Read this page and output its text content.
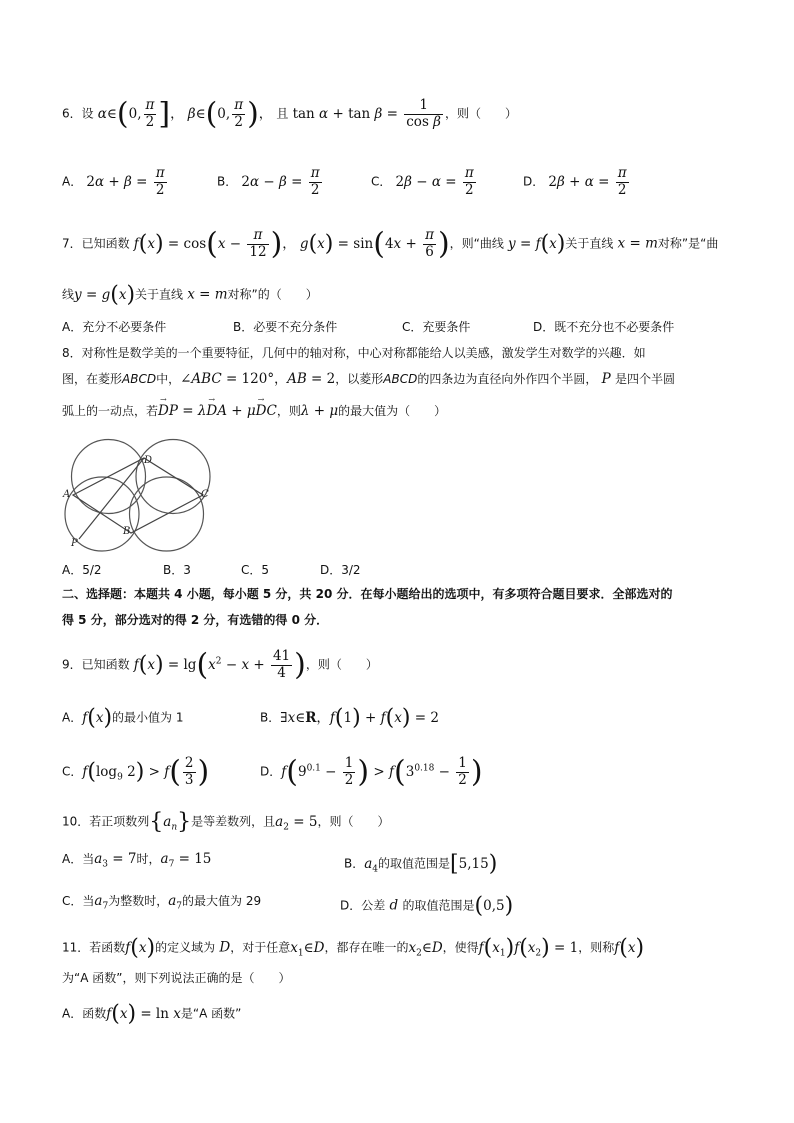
6．设 α∈(0, $\frac{\pi}{2}$ ]， β∈(0, $\frac{\pi}{2}$ )， 且 $\tan \alpha + \tan \beta = \frac{1}{\text{cos β}}$ ，则（　　）
A． $2\alpha + \beta = \frac{\pi}{2}$	B． $2\alpha - \beta = \frac{\pi}{2}$	C． $2\beta - \alpha = \frac{\pi}{2}$	D． $2\beta + \alpha = \frac{\pi}{2}$
7．已知函数 $f(x) = \cos(x - \frac{\pi}{12}$ )， $g(x) = \sin(4x + \frac{\pi}{6}$ )，则“曲线 y = f(x)关于直线 x = m对称”是“曲
线y = g(x)关于直线 x = m对称”的（　　）
A．充分不必要条件	B．必要不充分条件	C．充要条件	D．既不充分也不必要条件
8．对称性是数学美的一个重要特征，几何中的轴对称，中心对称都能给人以美感，激发学生对数学的兴趣．如
图，在菱形ABCD中，∠ABC = 120°，AB = 2，以菱形ABCD的四条边为直径向外作四个半圆， P 是四个半圆
弧上的一动点，若→ DP = λ→ DA + μ→ DC，则λ + μ的最大值为（　　）
A
B
C
D
P
A．5/2	B．3	C．5	D．3/2
二、选择题：本题共 4 小题，每小题 5 分，共 20 分．在每小题给出的选项中，有多项符合题目要求．全部选对的
得 5 分，部分选对的得 2 分，有选错的得 0 分．
9．已知函数 $f(x) = \lg(x^2 - x + \frac{41}{4}$ )，则（　　）
A．f(x)的最小值为 1	B．∃x∈R，f(1) + f(x) = 2
C．$f(\log_9$ $2) > f( \frac{2}{3}$ )	D．$f(9^{0.1} - \frac{1}{2}$ ) > $f(3^{0.18} - \frac{1}{2}$ )
10．若正项数列$\{a_n\}$是等差数列，且$a_2 = 5$，则（　　）
A．当$a_3 = 7$时，$a_7 = 15$	B．$a_4$的取值范围是[5,15)
C．当$a_7$为整数时，$a_7$的最大值为 29	D．公差 d 的取值范围是(0,5)
11．若函数f(x)的定义域为 D，对于任意$x_1\in D$，都存在唯一的$x_2\in D$，使得$f(x_1)f(x_2) = 1$，则称f(x)
为“A 函数”，则下列说法正确的是（　　）
A．函数f(x) = ln x是“A 函数”
